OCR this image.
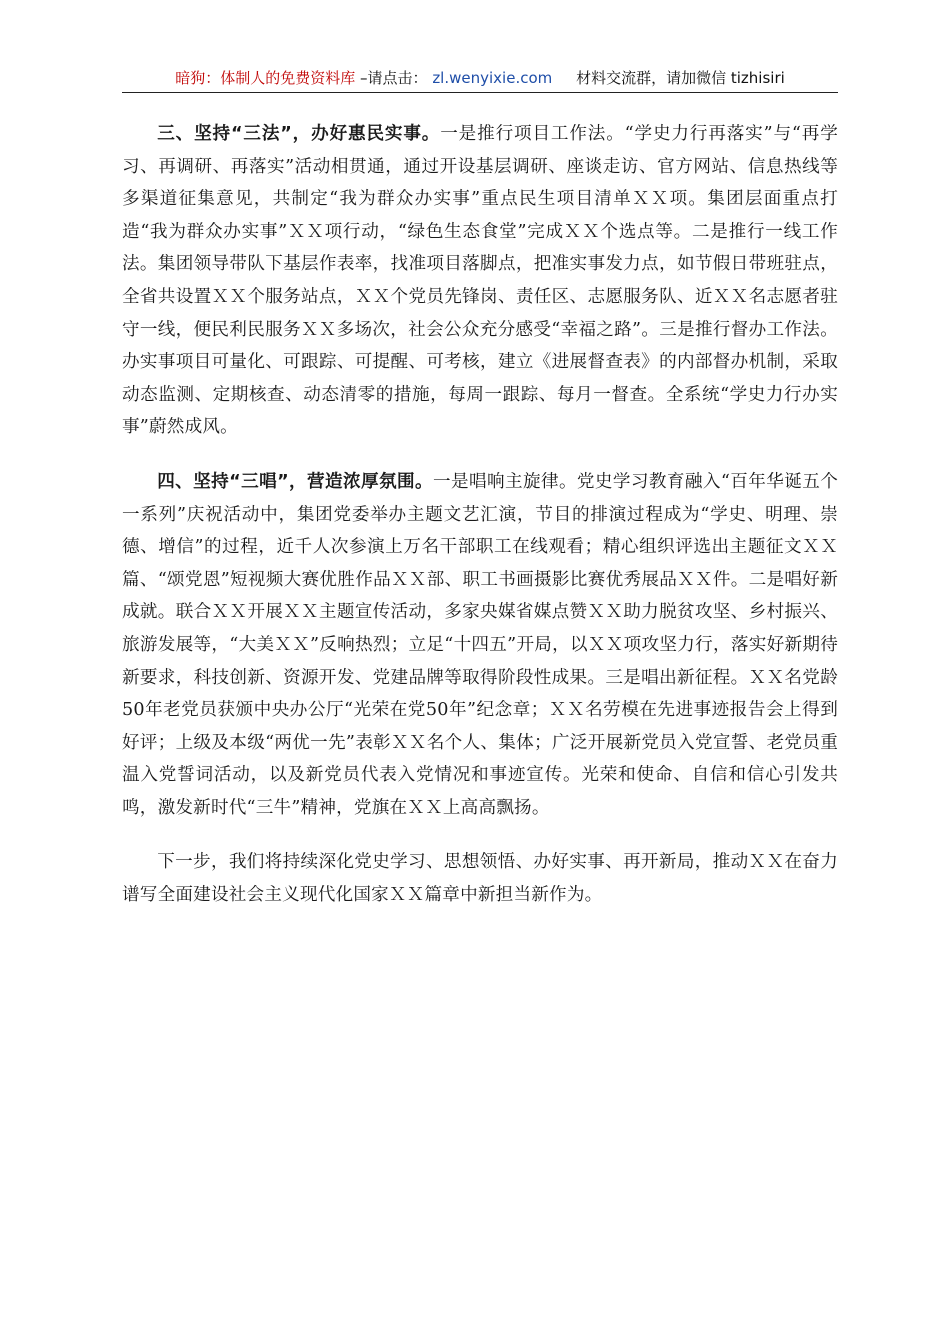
暗狗：体制人的免费资料库 –请点击： zl.wenyixie.com 材料交流群，请加微信 tizhisiri

三、坚持“三法”，办好惠民实事。一是推行项目工作法。“学史力行再落实”与“再学习、再调研、再落实”活动相贯通，通过开设基层调研、座谈走访、官方网站、信息热线等多渠道征集意见，共制定“我为群众办实事”重点民生项目清单ＸＸ项。集团层面重点打造“我为群众办实事”ＸＸ项行动，“绿色生态食堂”完成ＸＸ个选点等。二是推行一线工作法。集团领导带队下基层作表率，找准项目落脚点，把准实事发力点，如节假日带班驻点，全省共设置ＸＸ个服务站点，ＸＸ个党员先锋岗、责任区、志愿服务队、近ＸＸ名志愿者驻守一线，便民利民服务ＸＸ多场次，社会公众充分感受“幸福之路”。三是推行督办工作法。办实事项目可量化、可跟踪、可提醒、可考核，建立《进展督查表》的内部督办机制，采取动态监测、定期核查、动态清零的措施，每周一跟踪、每月一督查。全系统“学史力行办实事”蔚然成风。

四、坚持“三唱”，营造浓厚氛围。一是唱响主旋律。党史学习教育融入“百年华诞五个一系列”庆祝活动中，集团党委举办主题文艺汇演，节目的排演过程成为“学史、明理、崇德、增信”的过程，近千人次参演上万名干部职工在线观看；精心组织评选出主题征文ＸＸ篇、“颂党恩”短视频大赛优胜作品ＸＸ部、职工书画摄影比赛优秀展品ＸＸ件。二是唱好新成就。联合ＸＸ开展ＸＸ主题宣传活动，多家央媒省媒点赞ＸＸ助力脱贫攻坚、乡村振兴、旅游发展等，“大美ＸＸ”反响热烈；立足“十四五”开局，以ＸＸ项攻坚力行，落实好新期待新要求，科技创新、资源开发、党建品牌等取得阶段性成果。三是唱出新征程。ＸＸ名党龄50年老党员获颁中央办公厅“光荣在党50年”纪念章；ＸＸ名劳模在先进事迹报告会上得到好评；上级及本级“两优一先”表彰ＸＸ名个人、集体；广泛开展新党员入党宣誓、老党员重温入党誓词活动，以及新党员代表入党情况和事迹宣传。光荣和使命、自信和信心引发共鸣，激发新时代“三牛”精神，党旗在ＸＸ上高高飘扬。

下一步，我们将持续深化党史学习、思想领悟、办好实事、再开新局，推动ＸＸ在奋力谱写全面建设社会主义现代化国家ＸＸ篇章中新担当新作为。
